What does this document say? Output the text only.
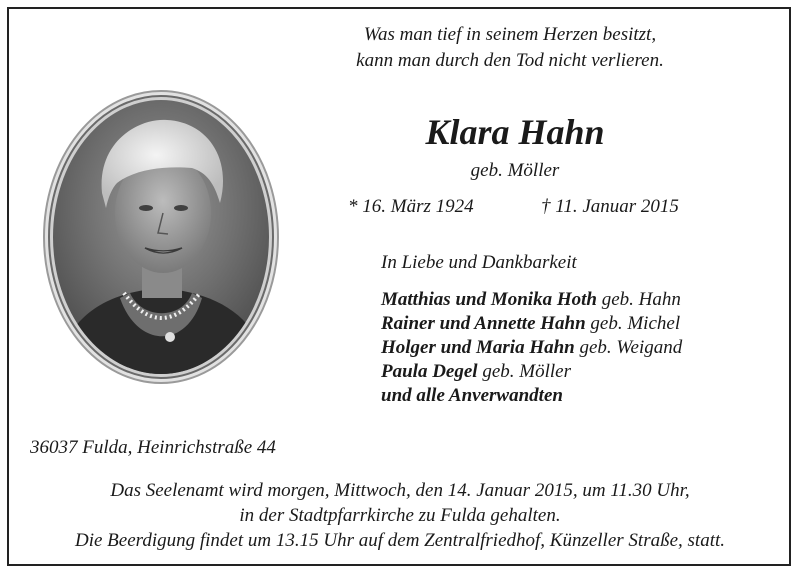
Was man tief in seinem Herzen besitzt,
kann man durch den Tod nicht verlieren.
Klara Hahn
geb. Möller
* 16. März 1924	† 11. Januar 2015
In Liebe und Dankbarkeit
Matthias und Monika Hoth geb. Hahn
Rainer und Annette Hahn geb. Michel
Holger und Maria Hahn geb. Weigand
Paula Degel geb. Möller
und alle Anverwandten
36037 Fulda, Heinrichstraße 44
Das Seelenamt wird morgen, Mittwoch, den 14. Januar 2015, um 11.30 Uhr,
in der Stadtpfarrkirche zu Fulda gehalten.
Die Beerdigung findet um 13.15 Uhr auf dem Zentralfriedhof, Künzeller Straße, statt.
